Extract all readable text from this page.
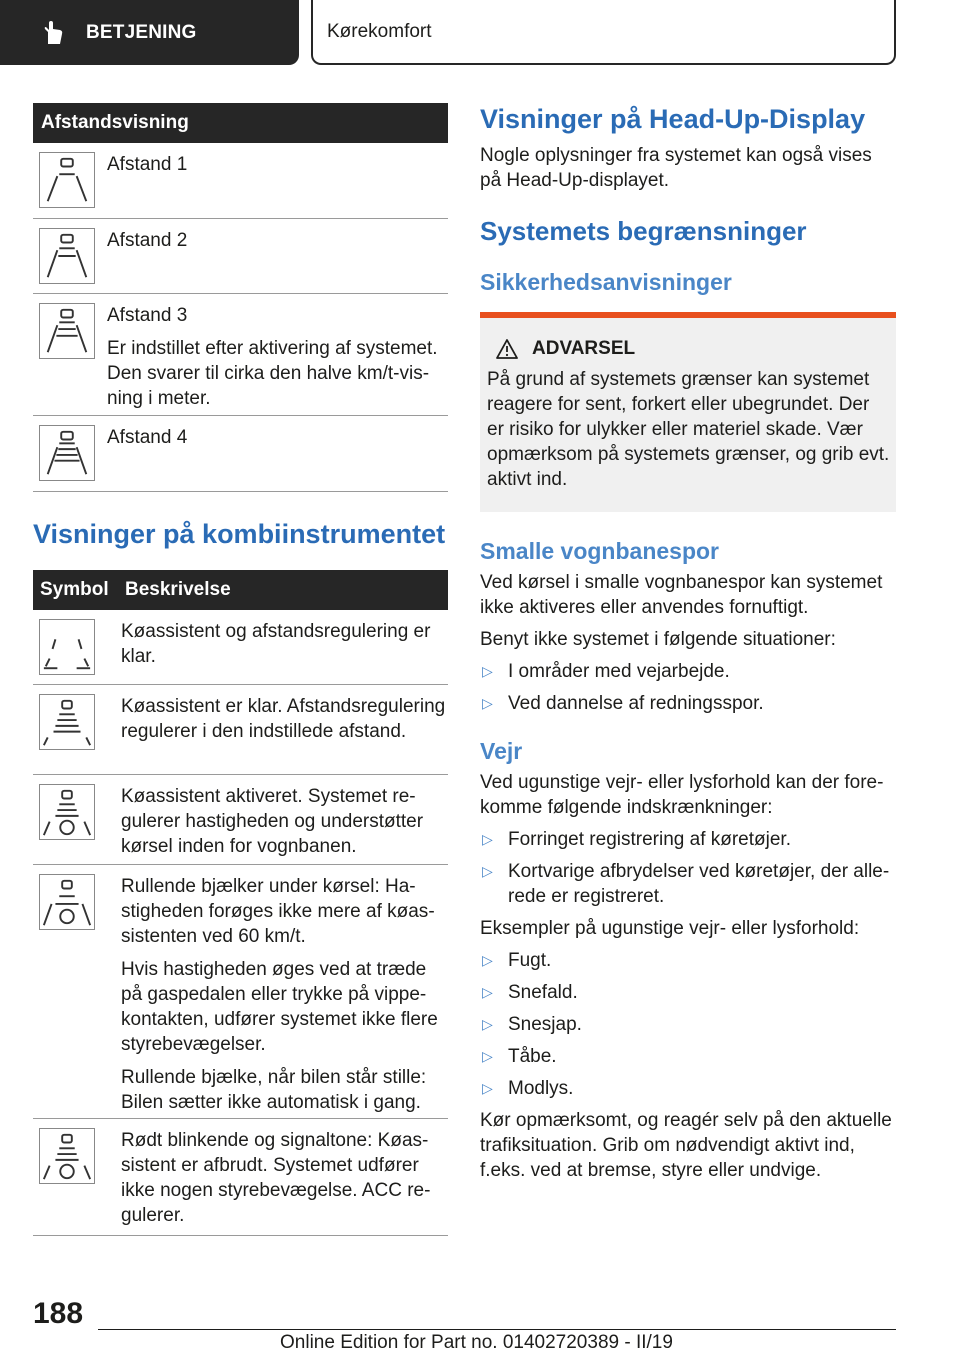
BETJENING	Kørekomfort
Afstandsvisning

Afstand 1

Afstand 2

Afstand 3

Er indstillet efter aktivering af systemet. Den svarer til cirka den halve km/t-visning i meter.

Afstand 4

Visninger på kombiinstrumentet
Symbol Beskrivelse

Køassistent og afstandsregulering er klar.

Køassistent er klar. Afstandsregulering regulerer i den indstillede afstand.

Køassistent aktiveret. Systemet regulerer hastigheden og understøtter kørsel inden for vognbanen.

Rullende bjælker under kørsel: Hastigheden forøges ikke mere af køassistenten ved 60 km/t.

Hvis hastigheden øges ved at træde på gaspedalen eller trykke på vippekontakten, udfører systemet ikke flere styrebevægelser.

Rullende bjælke, når bilen står stille: Bilen sætter ikke automatisk i gang.

Rødt blinkende og signaltone: Køassistent er afbrudt. Systemet udfører ikke nogen styrebevægelse. ACC regulerer.

Visninger på Head-Up-Display

Nogle oplysninger fra systemet kan også vises på Head-Up-displayet.

Systemets begrænsninger
Sikkerhedsanvisninger
ADVARSEL

På grund af systemets grænser kan systemet reagere for sent, forkert eller ubegrundet. Der er risiko for ulykker eller materiel skade. Vær opmærksom på systemets grænser, og grib evt. aktivt ind.

Smalle vognbanespor

Ved kørsel i smalle vognbanespor kan systemet ikke aktiveres eller anvendes fornuftigt.

Benyt ikke systemet i følgende situationer:

▷ I områder med vejarbejde.
▷ Ved dannelse af redningsspor.
Vejr

Ved ugunstige vejr- eller lysforhold kan der forekomme følgende indskrænkninger:

▷ Forringet registrering af køretøjer.
▷ Kortvarige afbrydelser ved køretøjer, der allerede er registreret.

Eksempler på ugunstige vejr- eller lysforhold:

▷ Fugt.
▷ Snefald.
▷ Snesjap.
▷ Tåbe.
▷ Modlys.

Kør opmærksomt, og reagér selv på den aktuelle trafiksituation. Grib om nødvendigt aktivt ind, f.eks. ved at bremse, styre eller undvige.

188
Online Edition for Part no. 01402720389 - II/19
